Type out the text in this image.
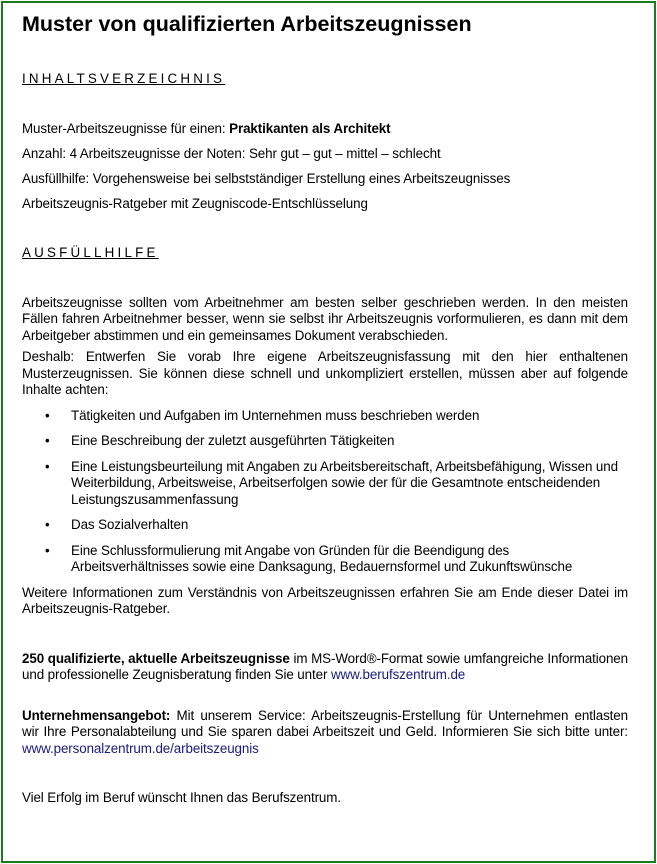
Muster von qualifizierten Arbeitszeugnissen

INHALTSVERZEICHNIS

Muster-Arbeitszeugnisse für einen: Praktikanten als Architekt

Anzahl: 4 Arbeitszeugnisse der Noten: Sehr gut – gut – mittel – schlecht

Ausfüllhilfe: Vorgehensweise bei selbstständiger Erstellung eines Arbeitszeugnisses

Arbeitszeugnis-Ratgeber mit Zeugniscode-Entschlüsselung

AUSFÜLLHILFE

Arbeitszeugnisse sollten vom Arbeitnehmer am besten selber geschrieben werden. In den meisten Fällen fahren Arbeitnehmer besser, wenn sie selbst ihr Arbeitszeugnis vorformulieren, es dann mit dem Arbeitgeber abstimmen und ein gemeinsames Dokument verabschieden.

Deshalb: Entwerfen Sie vorab Ihre eigene Arbeitszeugnisfassung mit den hier enthaltenen Musterzeugnissen. Sie können diese schnell und unkompliziert erstellen, müssen aber auf folgende Inhalte achten:

• Tätigkeiten und Aufgaben im Unternehmen muss beschrieben werden
• Eine Beschreibung der zuletzt ausgeführten Tätigkeiten
• Eine Leistungsbeurteilung mit Angaben zu Arbeitsbereitschaft, Arbeitsbefähigung, Wissen und Weiterbildung, Arbeitsweise, Arbeitserfolgen sowie der für die Gesamtnote entscheidenden Leistungszusammenfassung
• Das Sozialverhalten
• Eine Schlussformulierung mit Angabe von Gründen für die Beendigung des Arbeitsverhältnisses sowie eine Danksagung, Bedauernsformel und Zukunftswünsche

Weitere Informationen zum Verständnis von Arbeitszeugnissen erfahren Sie am Ende dieser Datei im Arbeitszeugnis-Ratgeber.

250 qualifizierte, aktuelle Arbeitszeugnisse im MS-Word®-Format sowie umfangreiche Informationen und professionelle Zeugnisberatung finden Sie unter www.berufszentrum.de

Unternehmensangebot: Mit unserem Service: Arbeitszeugnis-Erstellung für Unternehmen entlasten wir Ihre Personalabteilung und Sie sparen dabei Arbeitszeit und Geld. Informieren Sie sich bitte unter: www.personalzentrum.de/arbeitszeugnis

Viel Erfolg im Beruf wünscht Ihnen das Berufszentrum.
